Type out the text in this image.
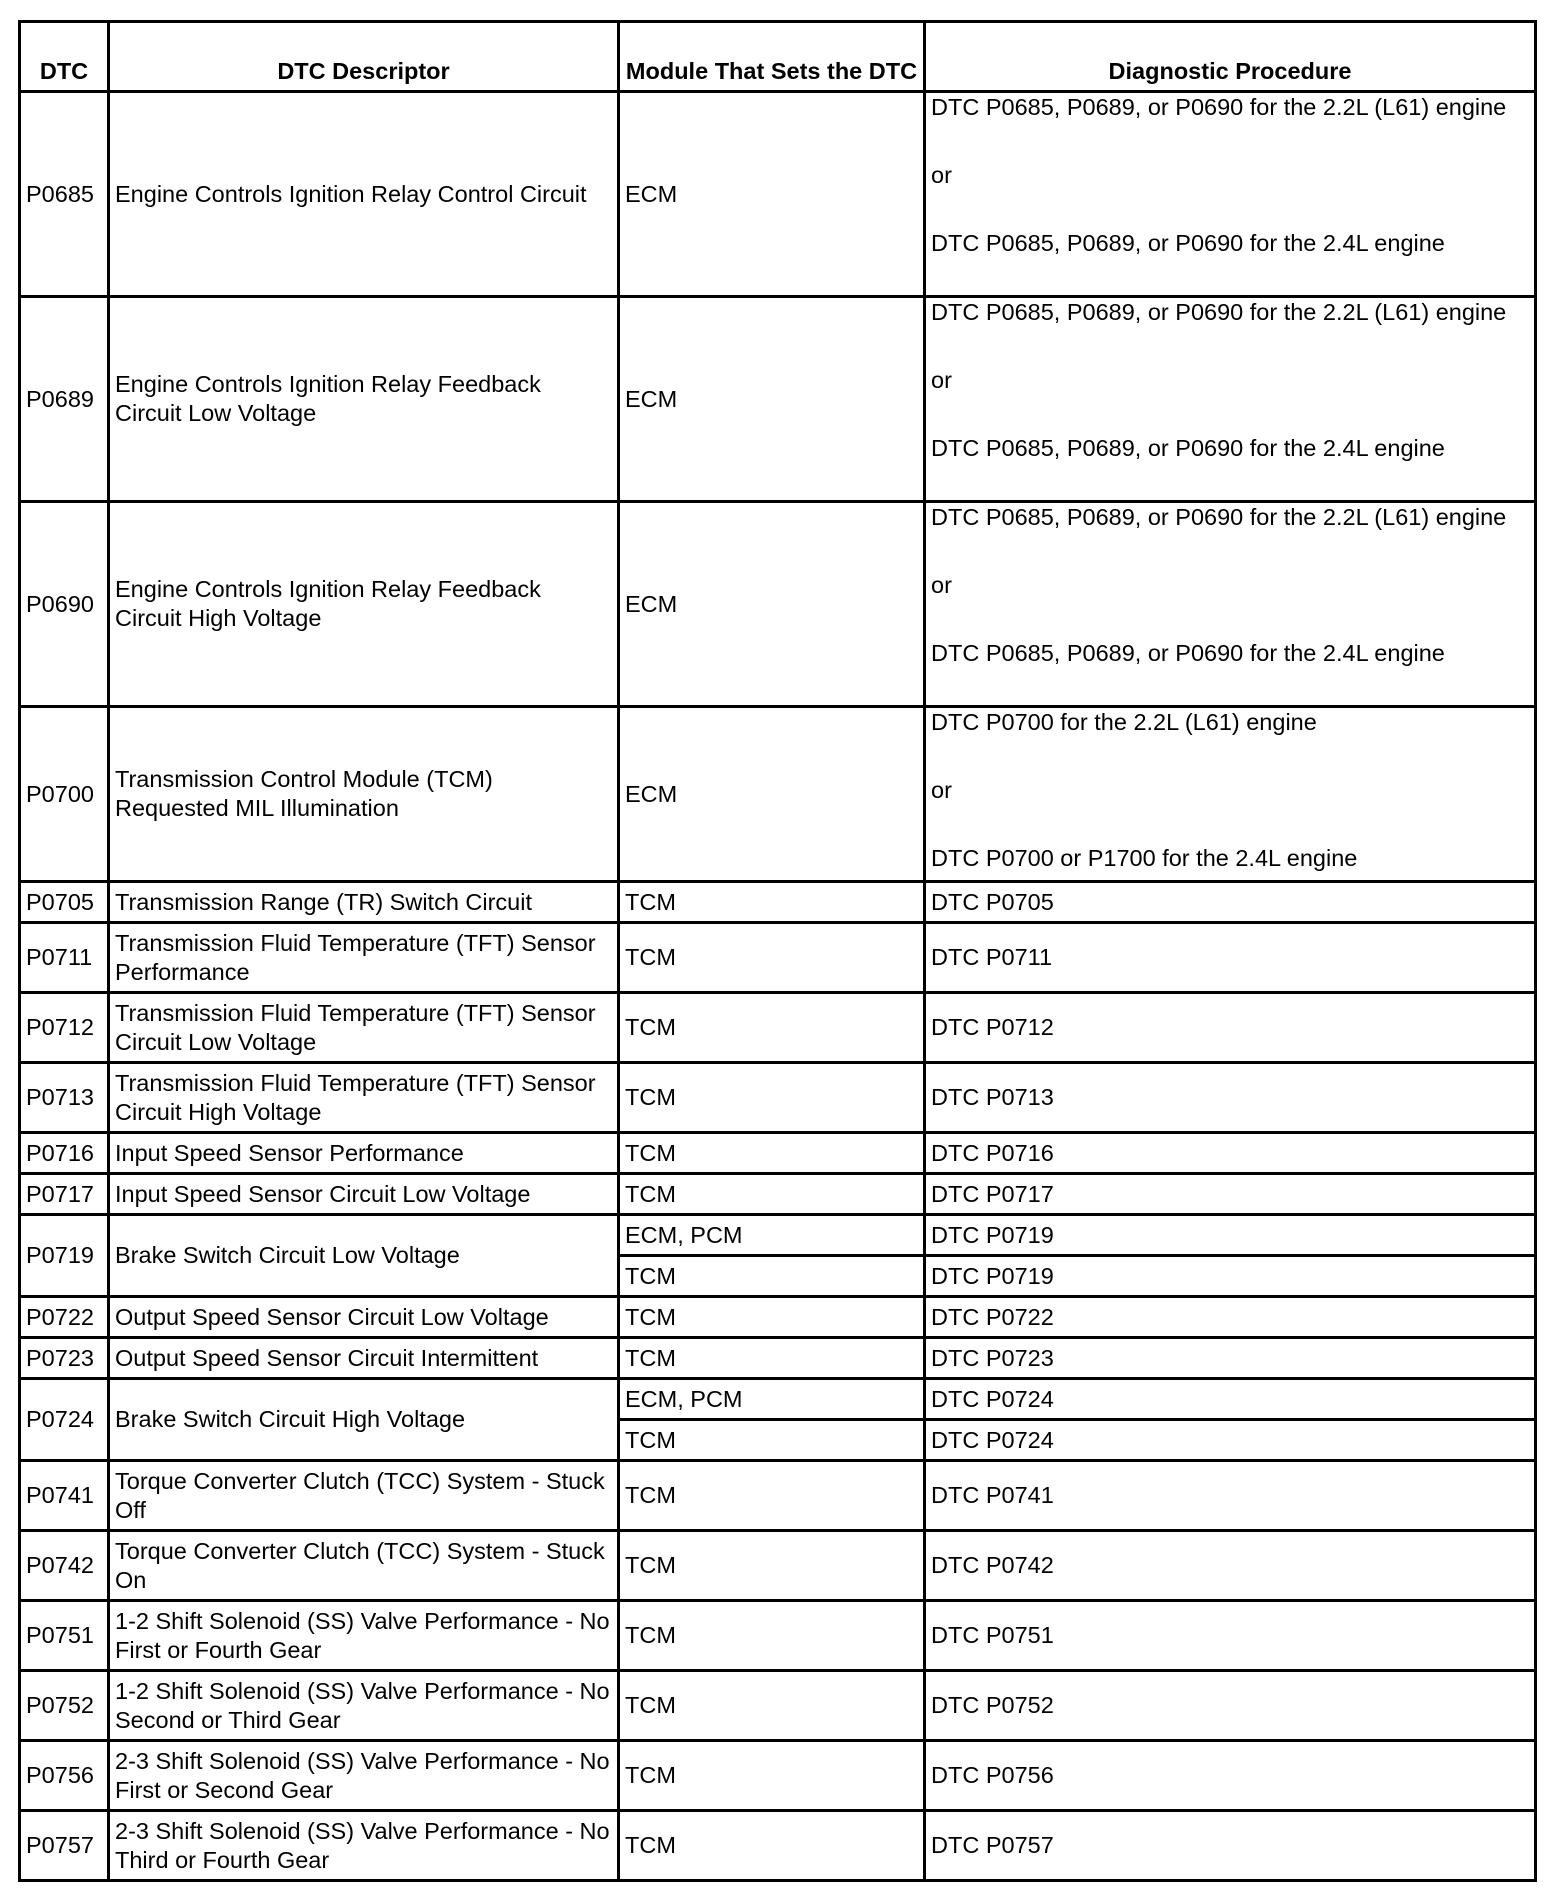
DTC	DTC Descriptor	Module That Sets the DTC	Diagnostic Procedure
P0685	Engine Controls Ignition Relay Control Circuit	ECM	DTC P0685, P0689, or P0690 for the 2.2L (L61) engine
or
DTC P0685, P0689, or P0690 for the 2.4L engine

P0689	Engine Controls Ignition Relay Feedback Circuit Low Voltage	ECM	DTC P0685, P0689, or P0690 for the 2.2L (L61) engine
or
DTC P0685, P0689, or P0690 for the 2.4L engine

P0690	Engine Controls Ignition Relay Feedback Circuit High Voltage	ECM	DTC P0685, P0689, or P0690 for the 2.2L (L61) engine
or
DTC P0685, P0689, or P0690 for the 2.4L engine

P0700	Transmission Control Module (TCM) Requested MIL Illumination	ECM	DTC P0700 for the 2.2L (L61) engine
or
DTC P0700 or P1700 for the 2.4L engine

P0705	Transmission Range (TR) Switch Circuit	TCM	DTC P0705
P0711	Transmission Fluid Temperature (TFT) Sensor Performance	TCM	DTC P0711
P0712	Transmission Fluid Temperature (TFT) Sensor Circuit Low Voltage	TCM	DTC P0712
P0713	Transmission Fluid Temperature (TFT) Sensor Circuit High Voltage	TCM	DTC P0713
P0716	Input Speed Sensor Performance	TCM	DTC P0716
P0717	Input Speed Sensor Circuit Low Voltage	TCM	DTC P0717
P0719	Brake Switch Circuit Low Voltage	ECM, PCM	DTC P0719
		TCM	DTC P0719
P0722	Output Speed Sensor Circuit Low Voltage	TCM	DTC P0722
P0723	Output Speed Sensor Circuit Intermittent	TCM	DTC P0723
P0724	Brake Switch Circuit High Voltage	ECM, PCM	DTC P0724
		TCM	DTC P0724
P0741	Torque Converter Clutch (TCC) System - Stuck Off	TCM	DTC P0741
P0742	Torque Converter Clutch (TCC) System - Stuck On	TCM	DTC P0742
P0751	1-2 Shift Solenoid (SS) Valve Performance - No First or Fourth Gear	TCM	DTC P0751
P0752	1-2 Shift Solenoid (SS) Valve Performance - No Second or Third Gear	TCM	DTC P0752
P0756	2-3 Shift Solenoid (SS) Valve Performance - No First or Second Gear	TCM	DTC P0756
P0757	2-3 Shift Solenoid (SS) Valve Performance - No Third or Fourth Gear	TCM	DTC P0757
